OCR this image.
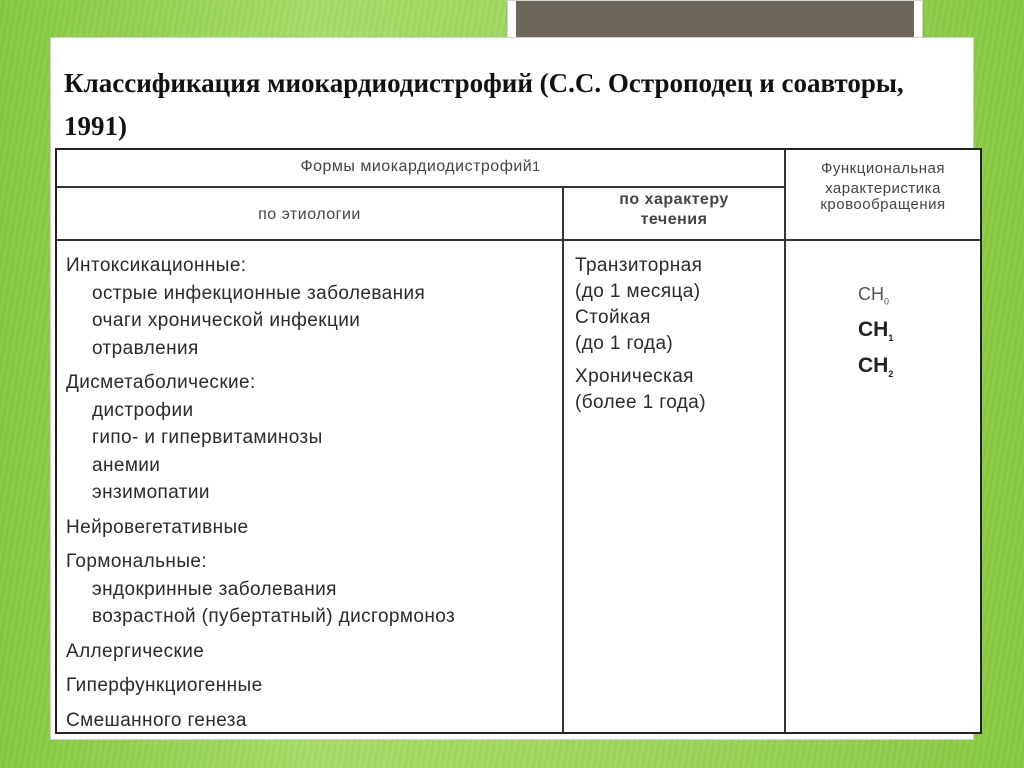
Классификация миокардиодистрофий (С.С. Остроподец и соавторы, 1991)
Формы миокардиодистрофий1
по этиологии
по характеру
течения
Функциональная
характеристика
кровообращения
Интоксикационные:
острые инфекционные заболевания
очаги хронической инфекции
отравления
Дисметаболические:
дистрофии
гипо- и гипервитаминозы
анемии
энзимопатии
Нейровегетативные
Гормональные:
эндокринные заболевания
возрастной (пубертатный) дисгормоноз
Аллергические
Гиперфункциогенные
Смешанного генеза
Транзиторная
(до 1 месяца)
Стойкая
(до 1 года)
Хроническая
(более 1 года)
$CH_0$
$CH_1$
$CH_2$
